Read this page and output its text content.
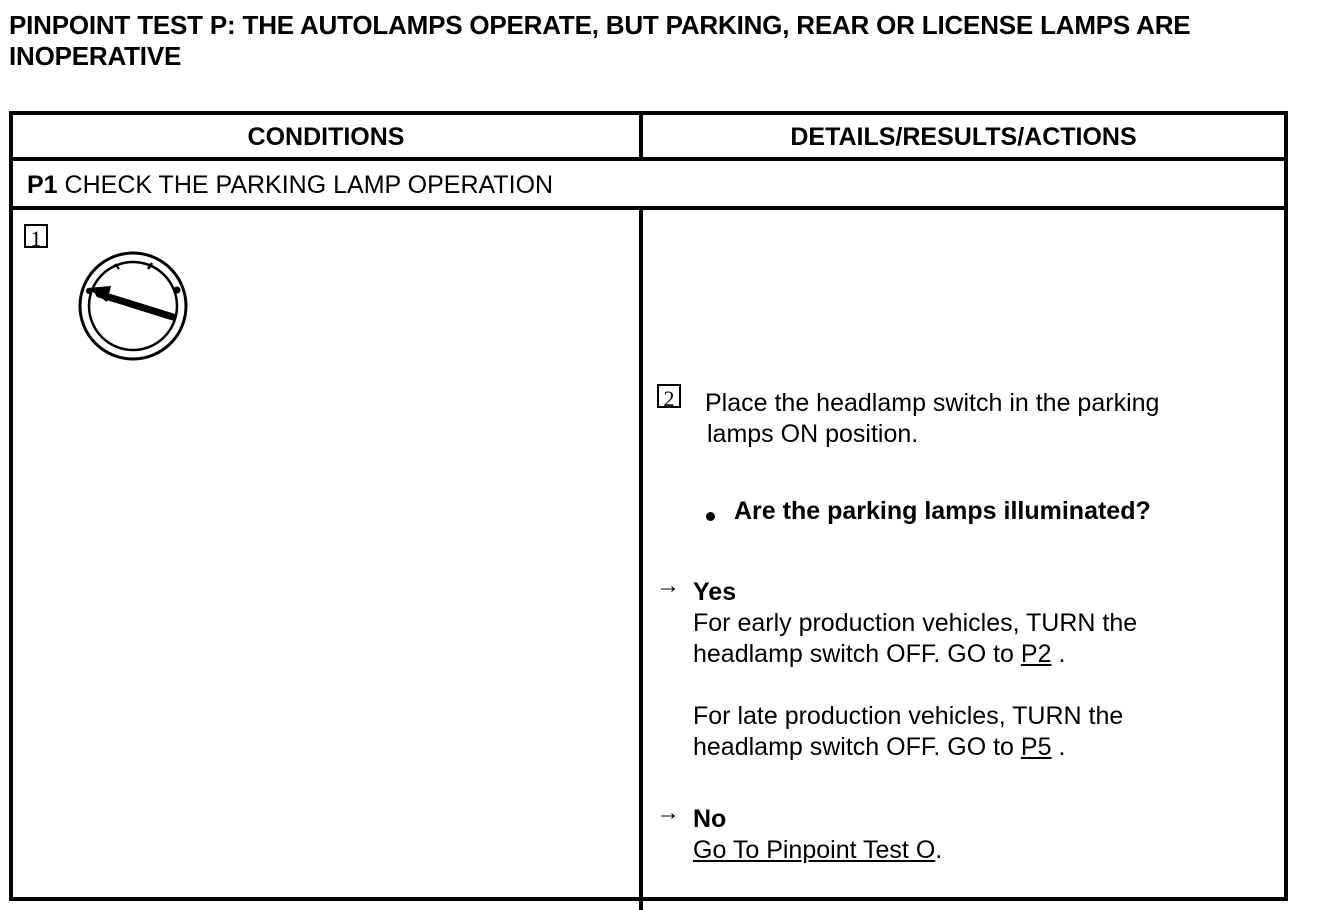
PINPOINT TEST P: THE AUTOLAMPS OPERATE, BUT PARKING, REAR OR LICENSE LAMPS ARE INOPERATIVE
CONDITIONS	DETAILS/RESULTS/ACTIONS
P1 CHECK THE PARKING LAMP OPERATION
1
2 Place the headlamp switch in the parking
lamps ON position.
Are the parking lamps illuminated?
→ Yes
For early production vehicles, TURN the
headlamp switch OFF. GO to P2 .
For late production vehicles, TURN the
headlamp switch OFF. GO to P5 .
→ No
Go To Pinpoint Test O.
